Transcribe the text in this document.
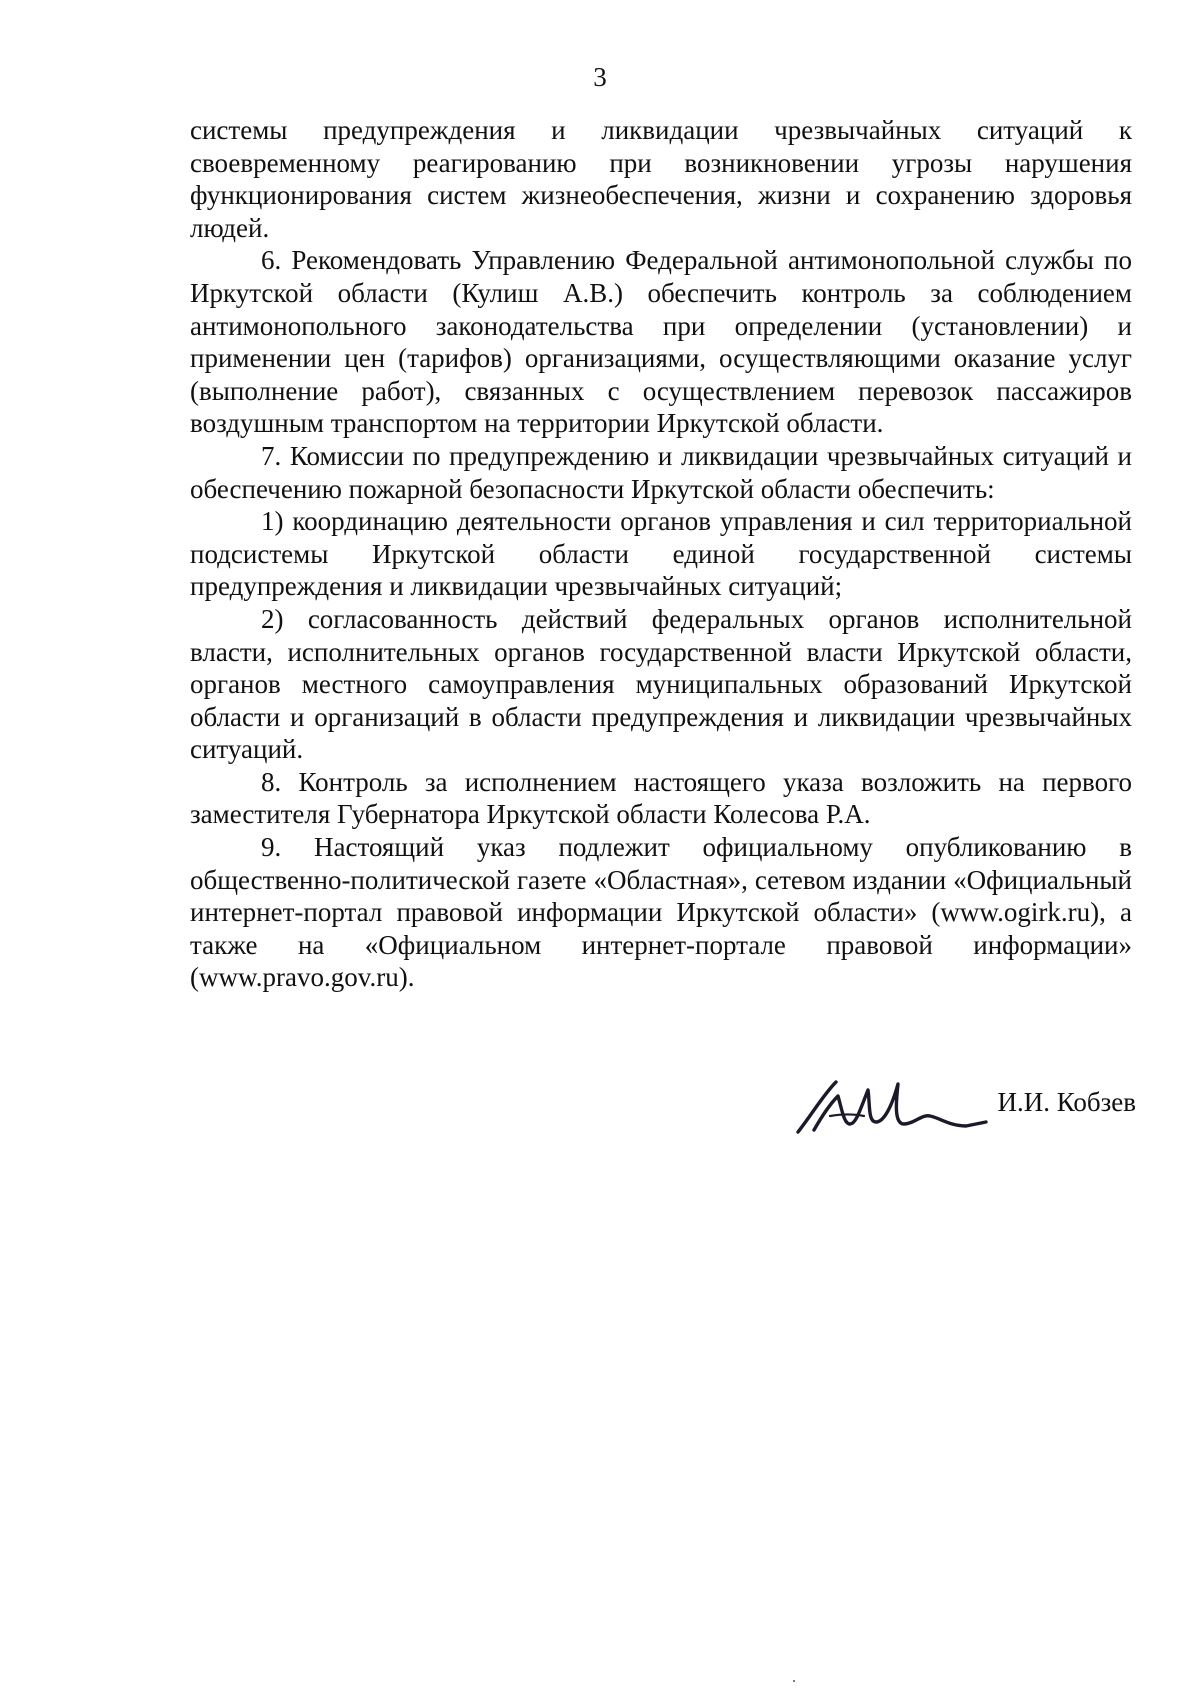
3

системы предупреждения и ликвидации чрезвычайных ситуаций к своевременному реагированию при возникновении угрозы нарушения функционирования систем жизнеобеспечения, жизни и сохранению здоровья людей.

6. Рекомендовать Управлению Федеральной антимонопольной службы по Иркутской области (Кулиш А.В.) обеспечить контроль за соблюдением антимонопольного законодательства при определении (установлении) и применении цен (тарифов) организациями, осуществляющими оказание услуг (выполнение работ), связанных с осуществлением перевозок пассажиров воздушным транспортом на территории Иркутской области.

7. Комиссии по предупреждению и ликвидации чрезвычайных ситуаций и обеспечению пожарной безопасности Иркутской области обеспечить:

1) координацию деятельности органов управления и сил территориальной подсистемы Иркутской области единой государственной системы предупреждения и ликвидации чрезвычайных ситуаций;

2) согласованность действий федеральных органов исполнительной власти, исполнительных органов государственной власти Иркутской области, органов местного самоуправления муниципальных образований Иркутской области и организаций в области предупреждения и ликвидации чрезвычайных ситуаций.

8. Контроль за исполнением настоящего указа возложить на первого заместителя Губернатора Иркутской области Колесова Р.А.

9. Настоящий указ подлежит официальному опубликованию в общественно-политической газете «Областная», сетевом издании «Официальный интернет-портал правовой информации Иркутской области» (www.ogirk.ru), а также на «Официальном интернет-портале правовой информации» (www.pravo.gov.ru).

И.И. Кобзев
